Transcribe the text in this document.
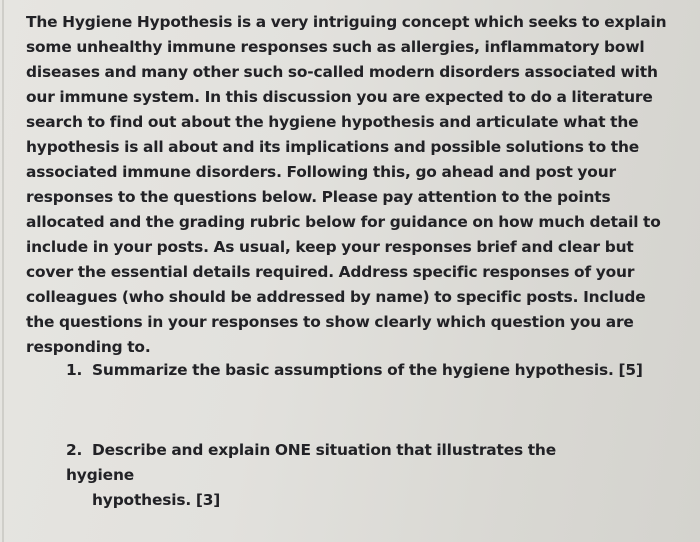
The Hygiene Hypothesis is a very intriguing concept which seeks to explain some unhealthy immune responses such as allergies, inflammatory bowl diseases and many other such so-called modern disorders associated with our immune system. In this discussion you are expected to do a literature search to find out about the hygiene hypothesis and articulate what the hypothesis is all about and its implications and possible solutions to the associated immune disorders. Following this, go ahead and post your responses to the questions below. Please pay attention to the points allocated and the grading rubric below for guidance on how much detail to include in your posts. As usual, keep your responses brief and clear but cover the essential details required. Address specific responses of your colleagues (who should be addressed by name) to specific posts. Include the questions in your responses to show clearly which question you are responding to.

1. Summarize the basic assumptions of the hygiene hypothesis. [5]

2. Describe and explain ONE situation that illustrates the hygiene
hypothesis. [3]
